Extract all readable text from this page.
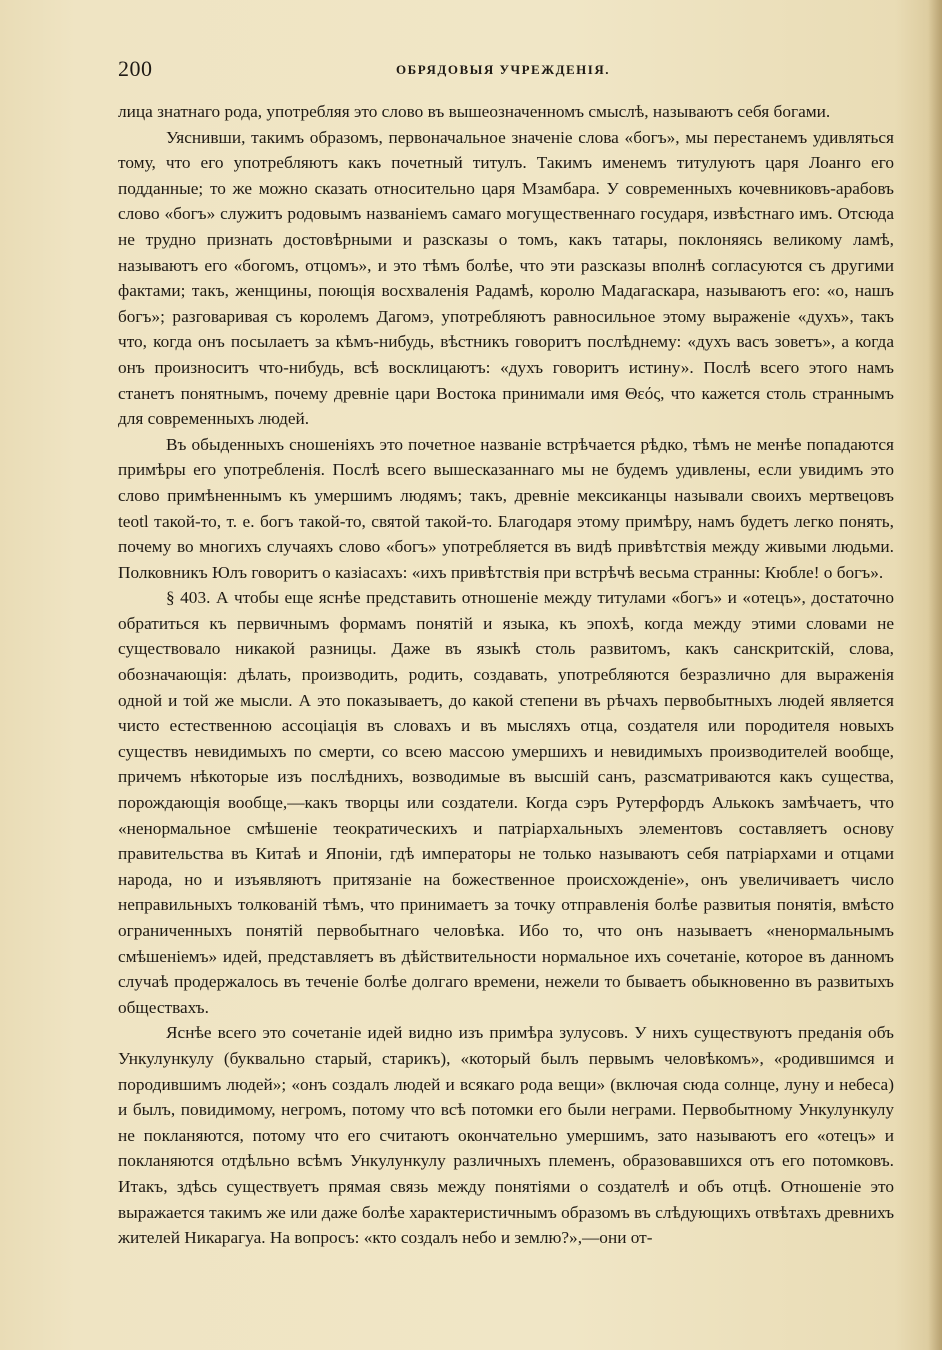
200	ОБРЯДОВЫЯ УЧРЕЖДЕНІЯ.

лица знатнаго рода, употребляя это слово въ вышеозначенномъ смыслѣ, называютъ себя богами.

Уяснивши, такимъ образомъ, первоначальное значеніе слова «богъ», мы перестанемъ удивляться тому, что его употребляютъ какъ почетный титулъ. Такимъ именемъ титулуютъ царя Лоанго его подданные; то же можно сказать относительно царя Мзамбара. У современныхъ кочевниковъ-арабовъ слово «богъ» служитъ родовымъ названіемъ самаго могущественнаго государя, извѣстнаго имъ. Отсюда не трудно признать достовѣрными и разсказы о томъ, какъ татары, поклоняясь великому ламѣ, называютъ его «богомъ, отцомъ», и это тѣмъ болѣе, что эти разсказы вполнѣ согласуются съ другими фактами; такъ, женщины, поющія восхваленія Радамѣ, королю Мадагаскара, называютъ его: «о, нашъ богъ»; разговаривая съ королемъ Дагомэ, употребляютъ равносильное этому выраженіе «духъ», такъ что, когда онъ посылаетъ за кѣмъ-нибудь, вѣстникъ говоритъ послѣднему: «духъ васъ зоветъ», а когда онъ произноситъ что-нибудь, всѣ восклицаютъ: «духъ говоритъ истину». Послѣ всего этого намъ станетъ понятнымъ, почему древніе цари Востока принимали имя Θεός, что кажется столь страннымъ для современныхъ людей.

Въ обыденныхъ сношеніяхъ это почетное названіе встрѣчается рѣдко, тѣмъ не менѣе попадаются примѣры его употребленія. Послѣ всего вышесказаннаго мы не будемъ удивлены, если увидимъ это слово примѣненнымъ къ умершимъ людямъ; такъ, древніе мексиканцы называли своихъ мертвецовъ teotl такой-то, т. е. богъ такой-то, святой такой-то. Благодаря этому примѣру, намъ будетъ легко понять, почему во многихъ случаяхъ слово «богъ» употребляется въ видѣ привѣтствія между живыми людьми. Полковникъ Юлъ говоритъ о казіасахъ: «ихъ привѣтствія при встрѣчѣ весьма странны: Кюбле! о богъ».

§ 403. А чтобы еще яснѣе представить отношеніе между титулами «богъ» и «отецъ», достаточно обратиться къ первичнымъ формамъ понятій и языка, къ эпохѣ, когда между этими словами не существовало никакой разницы. Даже въ языкѣ столь развитомъ, какъ санскритскій, слова, обозначающія: дѣлать, производить, родить, создавать, употребляются безразлично для выраженія одной и той же мысли. А это показываетъ, до какой степени въ рѣчахъ первобытныхъ людей является чисто естественною ассоціація въ словахъ и въ мысляхъ отца, создателя или породителя новыхъ существъ невидимыхъ по смерти, со всею массою умершихъ и невидимыхъ производителей вообще, причемъ нѣкоторые изъ послѣднихъ, возводимые въ высшій санъ, разсматриваются какъ существа, порождающія вообще,—какъ творцы или создатели. Когда сэръ Рутерфордъ Алькокъ замѣчаетъ, что «ненормальное смѣшеніе теократическихъ и патріархальныхъ элементовъ составляетъ основу правительства въ Китаѣ и Японіи, гдѣ императоры не только называютъ себя патріархами и отцами народа, но и изъявляютъ притязаніе на божественное происхожденіе», онъ увеличиваетъ число неправильныхъ толкованій тѣмъ, что принимаетъ за точку отправленія болѣе развитыя понятія, вмѣсто ограниченныхъ понятій первобытнаго человѣка. Ибо то, что онъ называетъ «ненормальнымъ смѣшеніемъ» идей, представляетъ въ дѣйствительности нормальное ихъ сочетаніе, которое въ данномъ случаѣ продержалось въ теченіе болѣе долгаго времени, нежели то бываетъ обыкновенно въ развитыхъ обществахъ.

Яснѣе всего это сочетаніе идей видно изъ примѣра зулусовъ. У нихъ существуютъ преданія объ Ункулункулу (буквально старый, старикъ), «который былъ первымъ человѣкомъ», «родившимся и породившимъ людей»; «онъ создалъ людей и всякаго рода вещи» (включая сюда солнце, луну и небеса) и былъ, повидимому, негромъ, потому что всѣ потомки его были неграми. Первобытному Ункулункулу не покланяются, потому что его считаютъ окончательно умершимъ, зато называютъ его «отецъ» и покланяются отдѣльно всѣмъ Ункулункулу различныхъ племенъ, образовавшихся отъ его потомковъ. Итакъ, здѣсь существуетъ прямая связь между понятіями о создателѣ и объ отцѣ. Отношеніе это выражается такимъ же или даже болѣе характеристичнымъ образомъ въ слѣдующихъ отвѣтахъ древнихъ жителей Никарагуа. На вопросъ: «кто создалъ небо и землю?»,—они от-
